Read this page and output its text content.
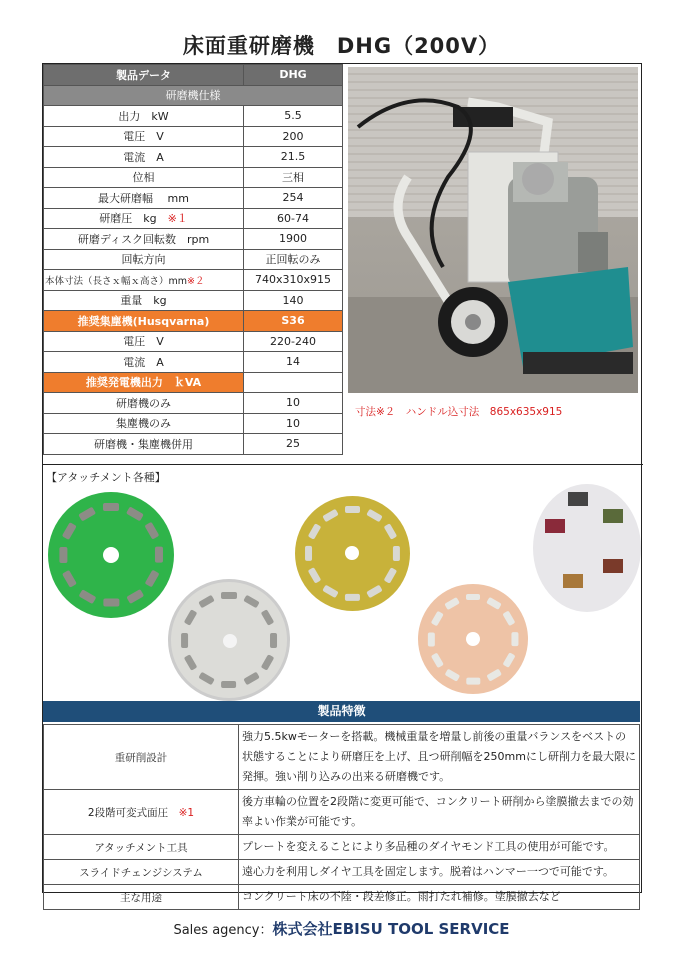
床面重研磨機　DHG（200V）
製品データ	DHG
研磨機仕様	
出力　kW	5.5
電圧　V	200
電流　A	21.5
位相	三相
最大研磨幅　 mm	254
研磨圧　kg　 ※１	60-74
研磨ディスク回転数　rpm	1900
回転方向	正回転のみ
本体寸法（長さｘ幅ｘ高さ）mm※２	740x310x915
重量　kg	140
推奨集塵機(Husqvarna)	S36
電圧　V	220-240
電流　A	14
推奨発電機出力　ｋVA	
研磨機のみ	10
集塵機のみ	10
研磨機・集塵機併用	25
寸法※２　ハンドル込寸法　865x635x915
【アタッチメント各種】
製品特徴
重研削設計	強力5.5kwモーターを搭載。機械重量を増量し前後の重量バランスをベストの状態することにより研磨圧を上げ、且つ研削幅を250mmにし研削力を最大限に発揮。強い削り込みの出来る研磨機です。
2段階可変式面圧　 ※1	後方車輪の位置を2段階に変更可能で、コンクリート研削から塗膜撤去までの効率よい作業が可能です。
アタッチメント工具	プレートを変えることにより多品種のダイヤモンド工具の使用が可能です。
スライドチェンジシステム	遠心力を利用しダイヤ工具を固定します。脱着はハンマー一つで可能です。
主な用途	コンクリート床の不陸・段差修正。雨打たれ補修。塗膜撤去など
Sales agency：株式会社EBISU TOOL SERVICE
